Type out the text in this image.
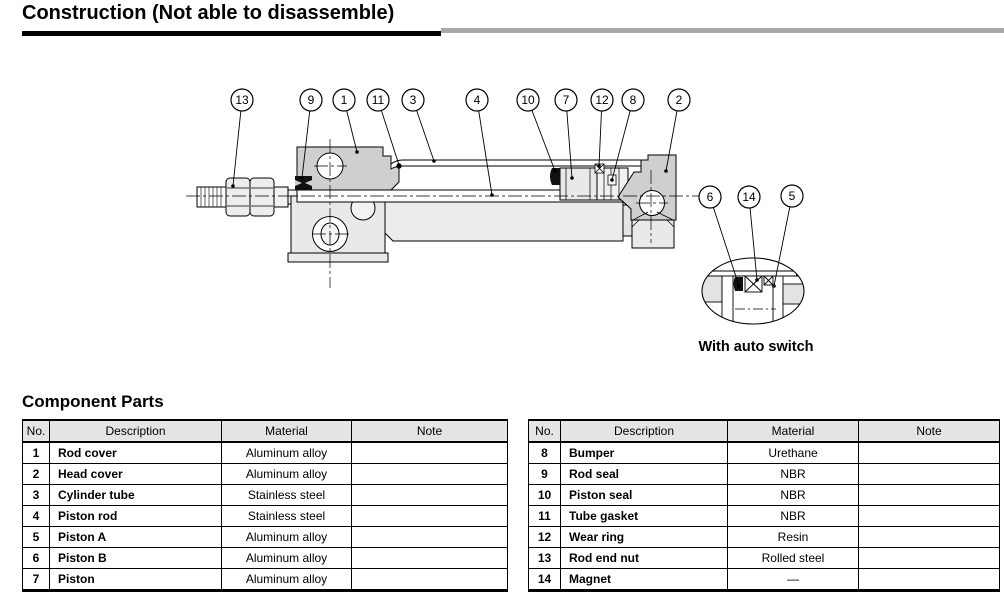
Construction (Not able to disassemble)
13	9 1 11 3	4	10 7 12 8	2
6 14	5
With auto switch
Component Parts
No.	Description	Material	Note
1	Rod cover	Aluminum alloy	
2	Head cover	Aluminum alloy	
3	Cylinder tube	Stainless steel	
4	Piston rod	Stainless steel	
5	Piston A	Aluminum alloy	
6	Piston B	Aluminum alloy	
7	Piston	Aluminum alloy	
No.	Description	Material	Note
8	Bumper	Urethane	
9	Rod seal	NBR	
10	Piston seal	NBR	
11	Tube gasket	NBR	
12	Wear ring	Resin	
13	Rod end nut	Rolled steel	
14	Magnet	—	
